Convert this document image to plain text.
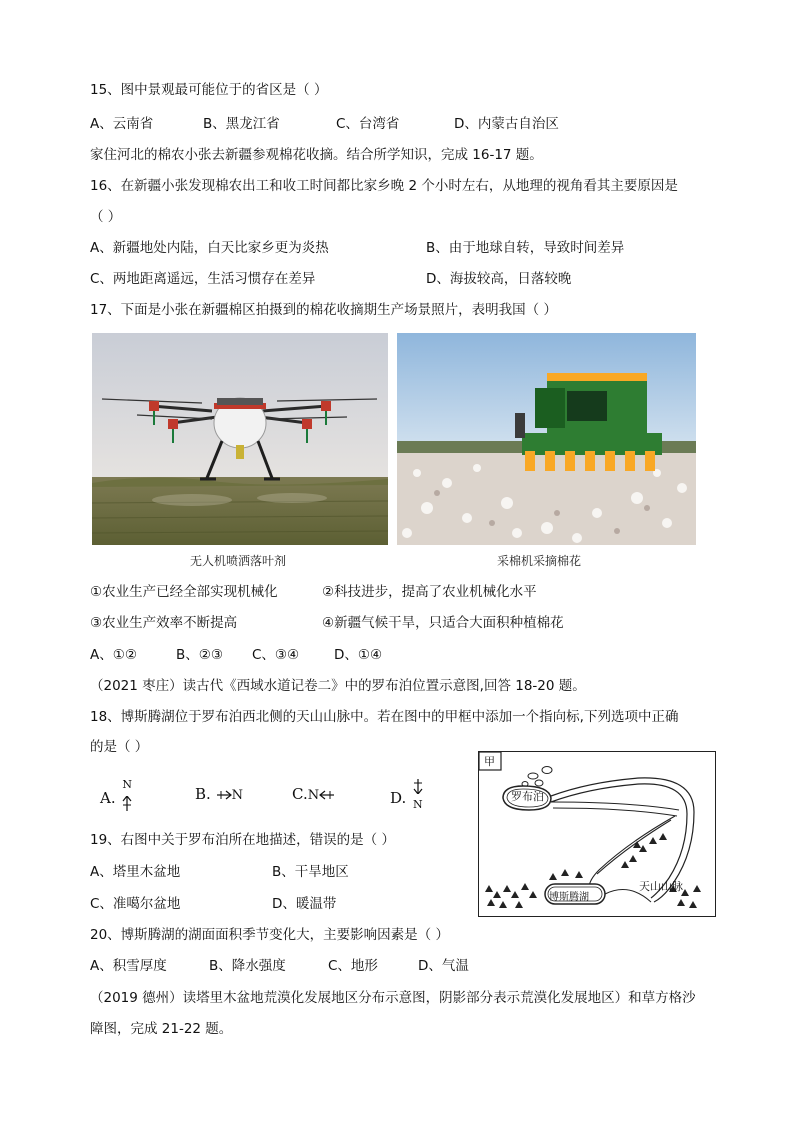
15、图中景观最可能位于的省区是（ ）
A、云南省	B、黑龙江省	C、台湾省	D、内蒙古自治区
家住河北的棉农小张去新疆参观棉花收摘。结合所学知识，完成 16-17 题。
16、在新疆小张发现棉农出工和收工时间都比家乡晚 2 个小时左右，从地理的视角看其主要原因是
（ ）
A、新疆地处内陆，白天比家乡更为炎热	B、由于地球自转，导致时间差异
C、两地距离遥远，生活习惯存在差异	D、海拔较高，日落较晚
17、下面是小张在新疆棉区拍摄到的棉花收摘期生产场景照片，表明我国（ ）
无人机喷洒落叶剂	采棉机采摘棉花
①农业生产已经全部实现机械化	②科技进步，提高了农业机械化水平
③农业生产效率不断提高	④新疆气候干旱，只适合大面积种植棉花
A、①②	B、②③ C、③④	D、①④
（2021 枣庄）读古代《西域水道记卷二》中的罗布泊位置示意图,回答 18-20 题。
18、博斯腾湖位于罗布泊西北侧的天山山脉中。若在图中的甲框中添加一个指向标,下列选项中正确
的是（ ）
A.
N
B. N	C.N	D. N
甲
罗布泊
博斯腾湖
天山山脉
19、右图中关于罗布泊所在地描述，错误的是（ ）
A、塔里木盆地	B、干旱地区
C、准噶尔盆地	D、暖温带
20、博斯腾湖的湖面面积季节变化大，主要影响因素是（ ）
A、积雪厚度	B、降水强度	C、地形	D、气温
（2019 德州）读塔里木盆地荒漠化发展地区分布示意图，阴影部分表示荒漠化发展地区）和草方格沙
障图，完成 21-22 题。
